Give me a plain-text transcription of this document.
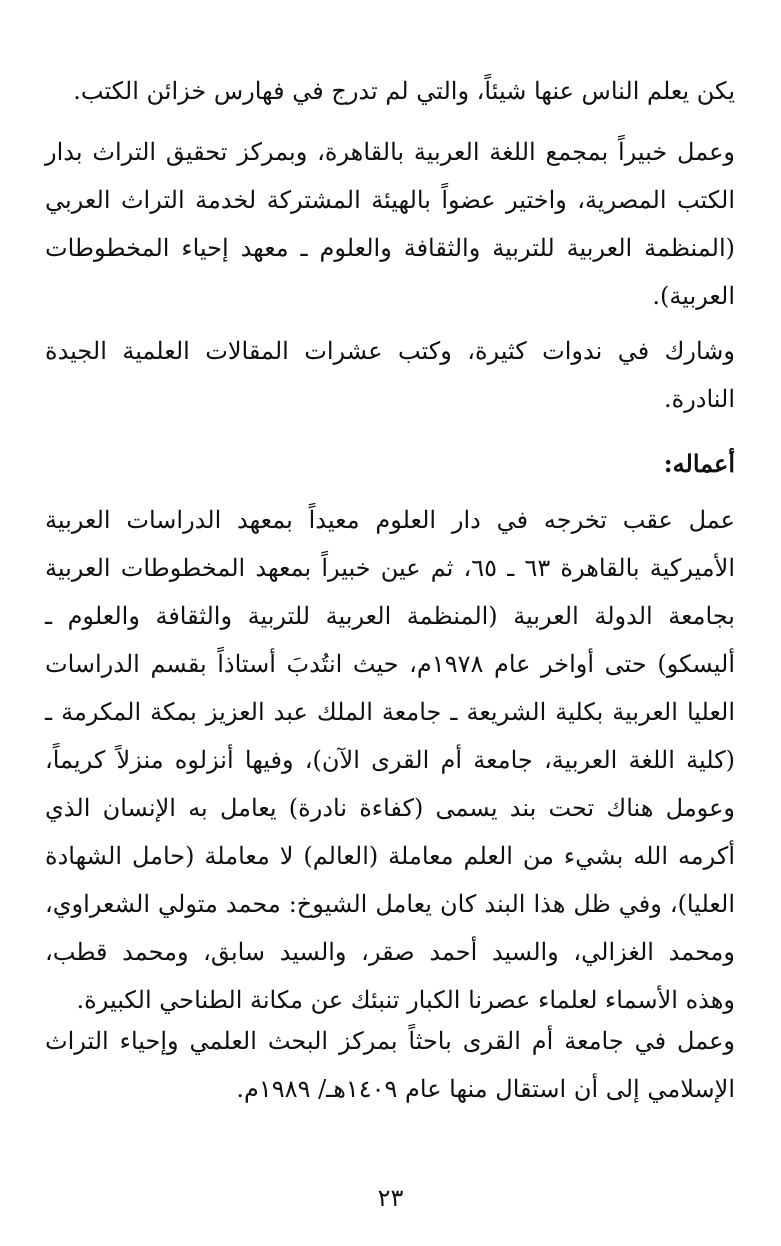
يكن يعلم الناس عنها شيئاً، والتي لم تدرج في فهارس خزائن الكتب.

وعمل خبيراً بمجمع اللغة العربية بالقاهرة، وبمركز تحقيق التراث بدار الكتب المصرية، واختير عضواً بالهيئة المشتركة لخدمة التراث العربي (المنظمة العربية للتربية والثقافة والعلوم ـ معهد إحياء المخطوطات العربية).

وشارك في ندوات كثيرة، وكتب عشرات المقالات العلمية الجيدة النادرة.

أعماله:

عمل عقب تخرجه في دار العلوم معيداً بمعهد الدراسات العربية الأميركية بالقاهرة ٦٣ ـ ٦٥، ثم عين خبيراً بمعهد المخطوطات العربية بجامعة الدولة العربية (المنظمة العربية للتربية والثقافة والعلوم ـ أليسكو) حتى أواخر عام ١٩٧٨م، حيث انتُدبَ أستاذاً بقسم الدراسات العليا العربية بكلية الشريعة ـ جامعة الملك عبد العزيز بمكة المكرمة ـ (كلية اللغة العربية، جامعة أم القرى الآن)، وفيها أنزلوه منزلاً كريماً، وعومل هناك تحت بند يسمى (كفاءة نادرة) يعامل به الإنسان الذي أكرمه الله بشيء من العلم معاملة (العالم) لا معاملة (حامل الشهادة العليا)، وفي ظل هذا البند كان يعامل الشيوخ: محمد متولي الشعراوي، ومحمد الغزالي، والسيد أحمد صقر، والسيد سابق، ومحمد قطب، وهذه الأسماء لعلماء عصرنا الكبار تنبئك عن مكانة الطناحي الكبيرة.

وعمل في جامعة أم القرى باحثاً بمركز البحث العلمي وإحياء التراث الإسلامي إلى أن استقال منها عام ١٤٠٩هـ/ ١٩٨٩م.

٢٣
